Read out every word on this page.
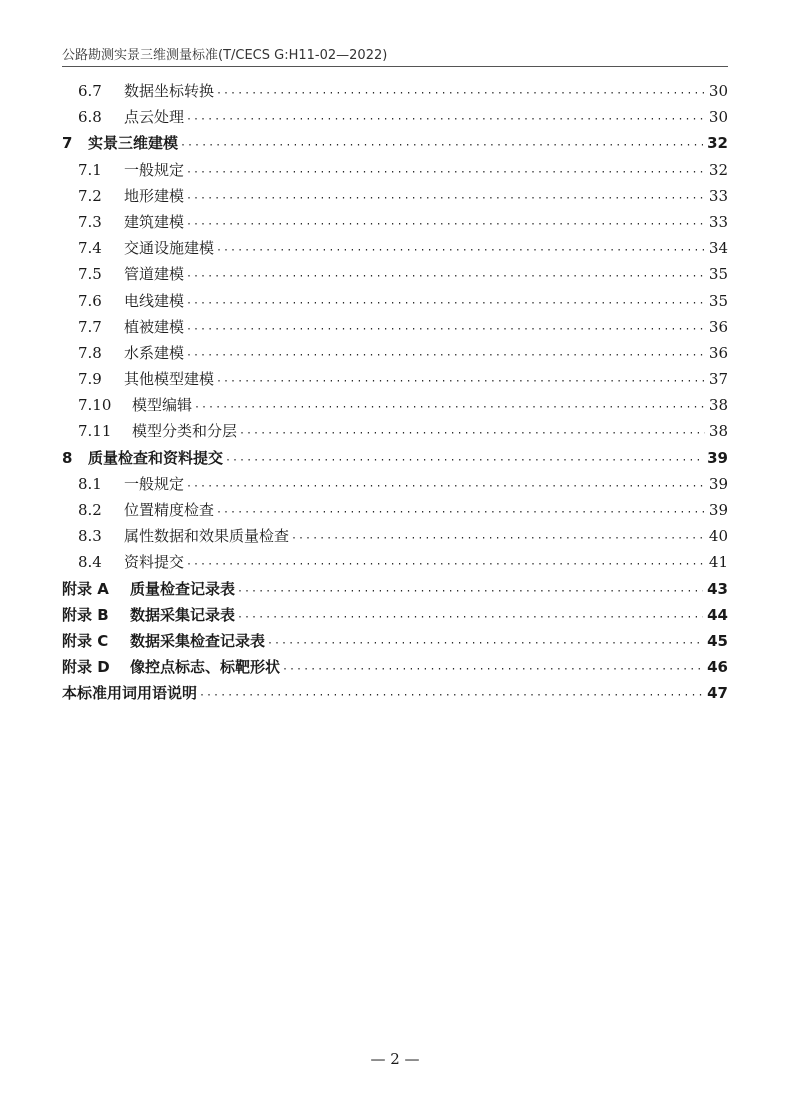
公路勘测实景三维测量标准(T/CECS G:H11-02—2022)
6.7	数据坐标转换 ·····	30
6.8	点云处理 ·····	30
7	实景三维建模 ·····	32
7.1	一般规定 ·····	32
7.2	地形建模 ·····	33
7.3	建筑建模 ·····	33
7.4	交通设施建模 ·····	34
7.5	管道建模 ·····	35
7.6	电线建模 ·····	35
7.7	植被建模 ·····	36
7.8	水系建模 ·····	36
7.9	其他模型建模 ·····	37
7.10	模型编辑 ·····	38
7.11	模型分类和分层 ·····	38
8	质量检查和资料提交 ·····	39
8.1	一般规定 ·····	39
8.2	位置精度检查 ·····	39
8.3	属性数据和效果质量检查 ·····	40
8.4	资料提交 ·····	41
附录 A	质量检查记录表 ·····	43
附录 B	数据采集记录表 ·····	44
附录 C	数据采集检查记录表 ·····	45
附录 D	像控点标志、标靶形状 ·····	46
本标准用词用语说明 ·····	47
— 2 —
